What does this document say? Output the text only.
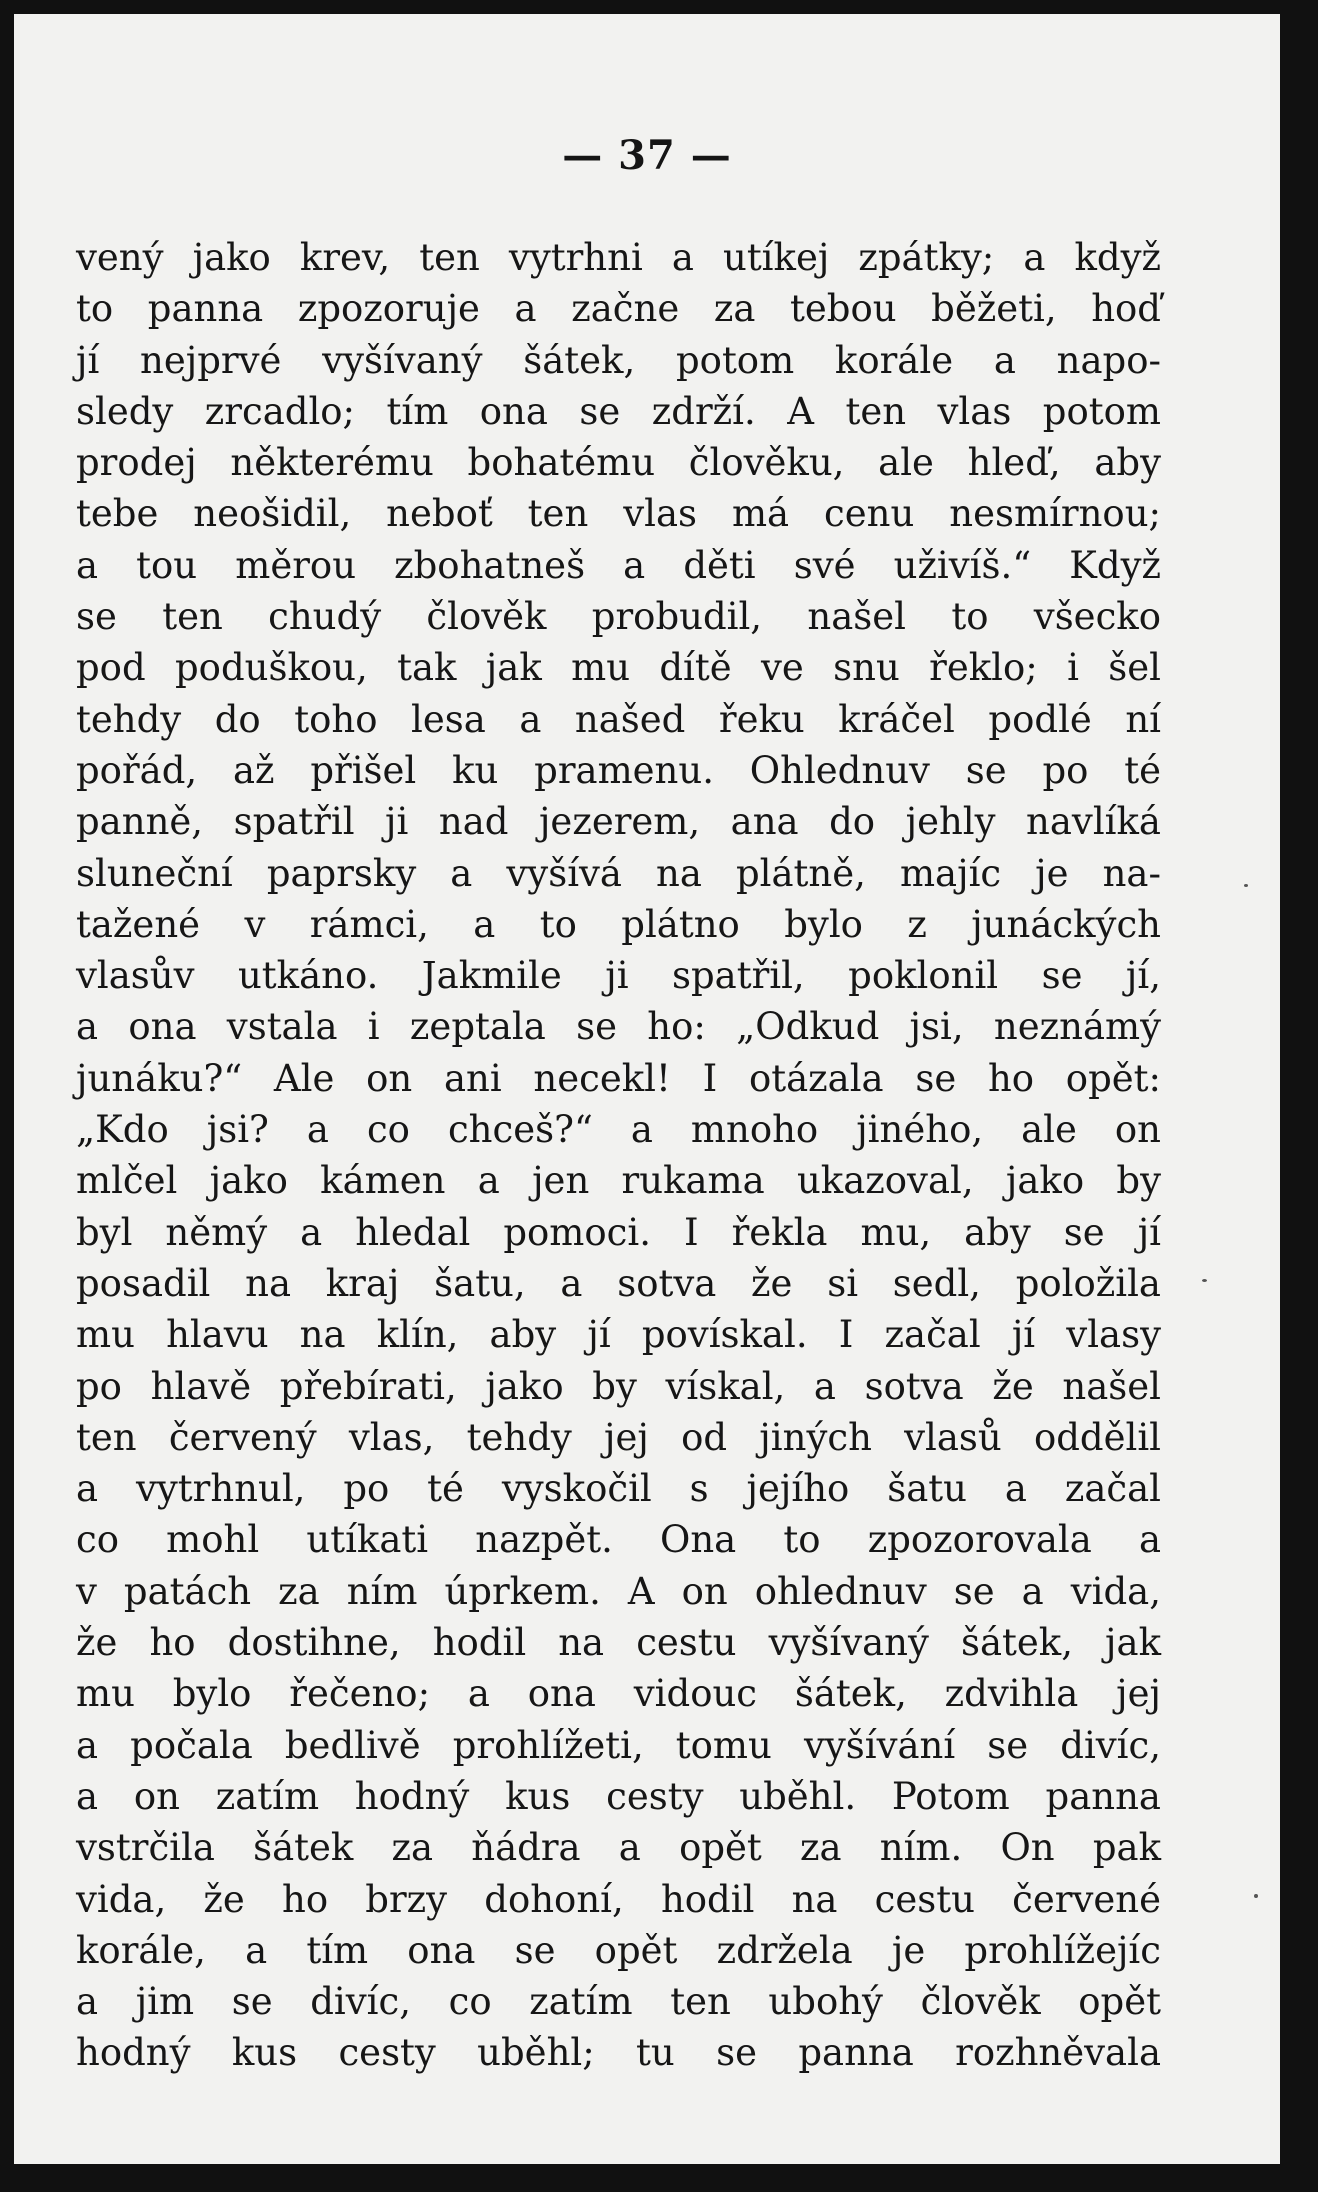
— 37 —
vený jako krev, ten vytrhni a utíkej zpátky; a když
to panna zpozoruje a začne za tebou běžeti, hoď
jí nejprvé vyšívaný šátek, potom korále a napo-
sledy zrcadlo; tím ona se zdrží. A ten vlas potom
prodej některému bohatému člověku, ale hleď, aby
tebe neošidil, neboť ten vlas má cenu nesmírnou;
a tou měrou zbohatneš a děti své uživíš.“ Když
se ten chudý člověk probudil, našel to všecko
pod poduškou, tak jak mu dítě ve snu řeklo; i šel
tehdy do toho lesa a našed řeku kráčel podlé ní
pořád, až přišel ku pramenu. Ohlednuv se po té
panně, spatřil ji nad jezerem, ana do jehly navlíká
sluneční paprsky a vyšívá na plátně, majíc je na-
tažené v rámci, a to plátno bylo z junáckých
vlasův utkáno. Jakmile ji spatřil, poklonil se jí,
a ona vstala i zeptala se ho: „Odkud jsi, neznámý
junáku?“ Ale on ani necekl! I otázala se ho opět:
„Kdo jsi? a co chceš?“ a mnoho jiného, ale on
mlčel jako kámen a jen rukama ukazoval, jako by
byl němý a hledal pomoci. I řekla mu, aby se jí
posadil na kraj šatu, a sotva že si sedl, položila
mu hlavu na klín, aby jí povískal. I začal jí vlasy
po hlavě přebírati, jako by vískal, a sotva že našel
ten červený vlas, tehdy jej od jiných vlasů oddělil
a vytrhnul, po té vyskočil s jejího šatu a začal
co mohl utíkati nazpět. Ona to zpozorovala a
v patách za ním úprkem. A on ohlednuv se a vida,
že ho dostihne, hodil na cestu vyšívaný šátek, jak
mu bylo řečeno; a ona vidouc šátek, zdvihla jej
a počala bedlivě prohlížeti, tomu vyšívání se divíc,
a on zatím hodný kus cesty uběhl. Potom panna
vstrčila šátek za ňádra a opět za ním. On pak
vida, že ho brzy dohoní, hodil na cestu červené
korále, a tím ona se opět zdržela je prohlížejíc
a jim se divíc, co zatím ten ubohý člověk opět
hodný kus cesty uběhl; tu se panna rozhněvala
